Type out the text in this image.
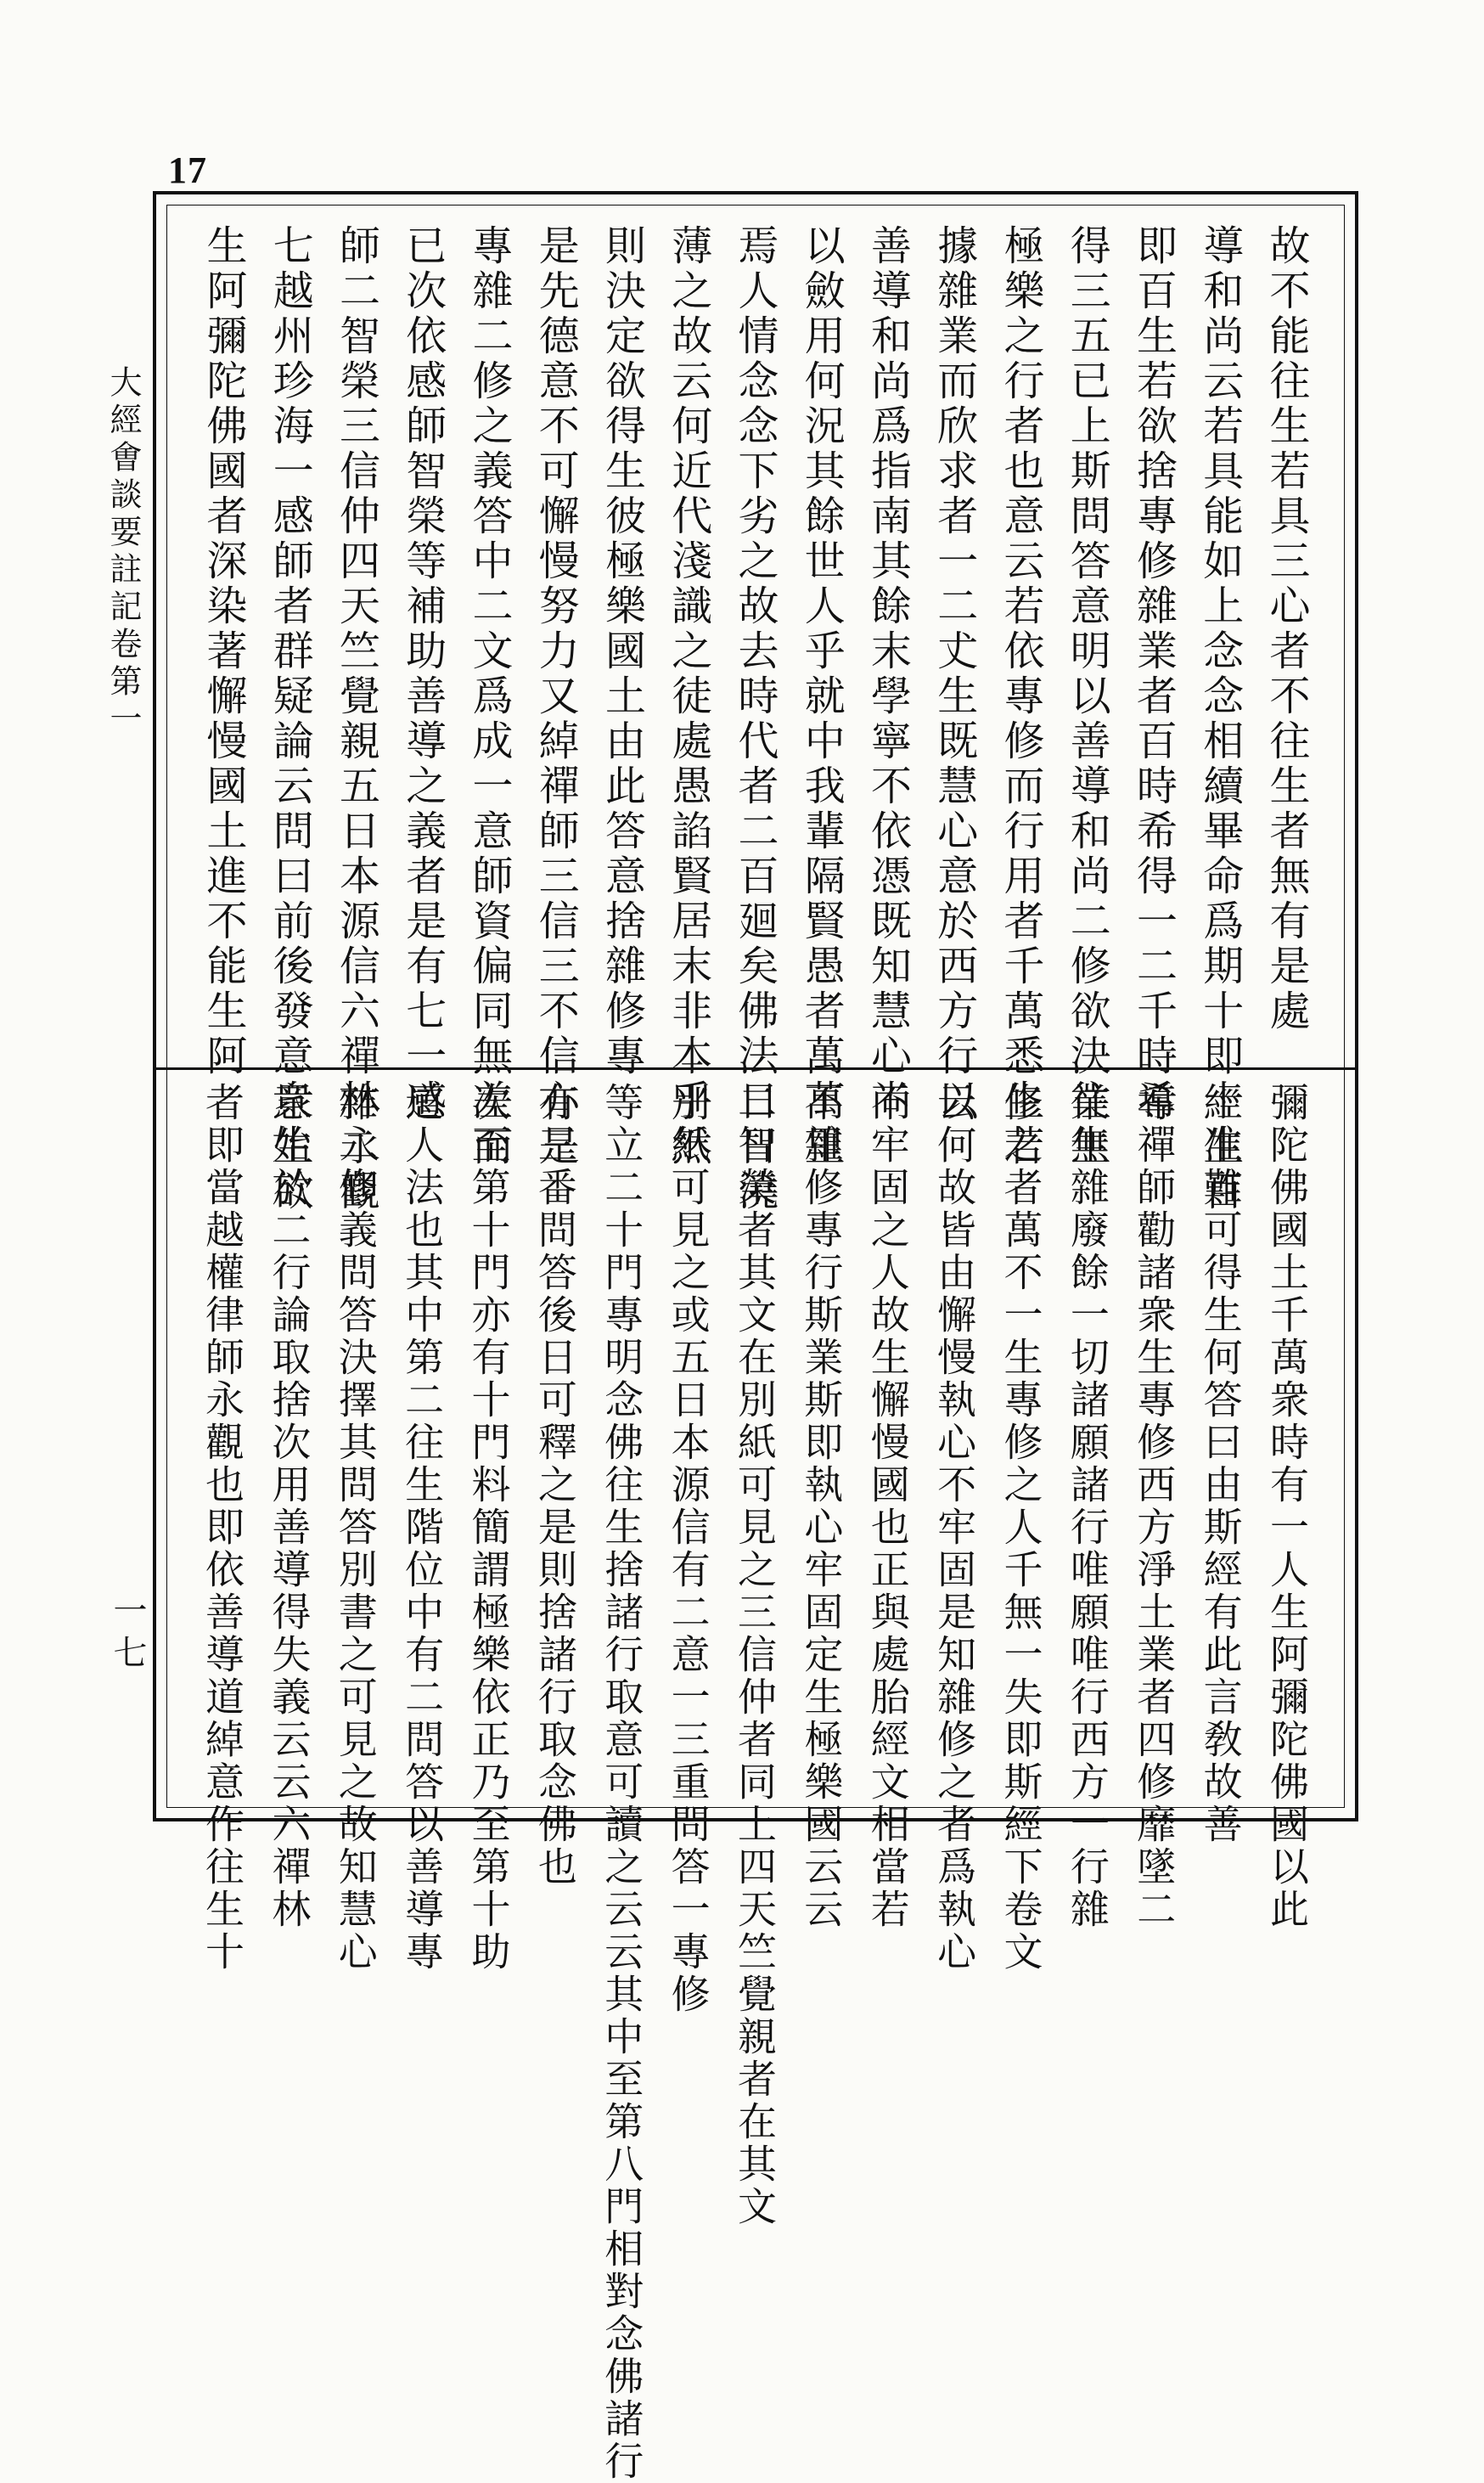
17
大經㑹談要註記卷第一
一七
故不能往生若具三心者不往生者無有是處
導和尚云若具能如上念念相續畢命爲期十即十生百
即百生若欲捨專修雜業者百時希得一二千時希
得三五已上斯問答意明以善導和尚二修欲決往生
極樂之行者也意云若依專修而行用者千萬悉生若
據雜業而欣求者一二𠀋生既慧心意於西方行以
善導和尚爲指南其餘末學寧不依憑既知慧心尚
以斂用何況其餘世人乎就中我輩隔賢愚者萬萬里
焉人情念念下劣之故去時代者二百廻矣佛法日日澆
薄之故云何近代淺識之徒處愚諂賢居末非本乎然
則決定欲得生彼極樂國土由此答意捨雜修專
是先德意不可懈慢努力又綽禪師三信三不信亦是
專雜二修之義答中二文爲成一意師資偏同無差而
已次依感師智榮等補助善導之義者是有七一感
師二智榮三信仲四天竺覺親五日本源信六禪林永觀
七越州珍海一感師者群疑論云問曰前後發意衆生欲
生阿彌陀佛國者深染著懈慢國土進不能生阿
彌陀佛國土千萬衆時有一人生阿彌陀佛國以此
經准難可得生何答曰由斯經有此言敎故善
導禪師勸諸衆生專修西方淨土業者四修靡墜二
業無雜廢餘一切諸願諸行唯願唯行西方一行雜
修之者萬不一生專修之人千無一失即斯經下卷文
云何故皆由懈慢執心不牢固是知雜修之者爲執心
不牢固之人故生懈慢國也正與處胎經文相當若
不雜修專行斯業斯即執心牢固定生極樂國云云
二智榮者其文在別紙可見之三信仲者同上四天竺覺親者在其文
別紙可見之或五日本源信有二意一三重問答一專修
等立二十門專明念佛往生捨諸行取意可讀之云云其中至第八門相對念佛諸行
有三番問答後日可釋之是則捨諸行取念佛也
次至第十門亦有十門料簡謂極樂依正乃至第十助
道人法也其中第二往生階位中有二問答以善導專
雜二修義問答決擇其問答別書之可見之故知慧心
意始於二行論取捨次用善導得失義云云六禪林
者即當越權律師永觀也即依善導道綽意作往生十
